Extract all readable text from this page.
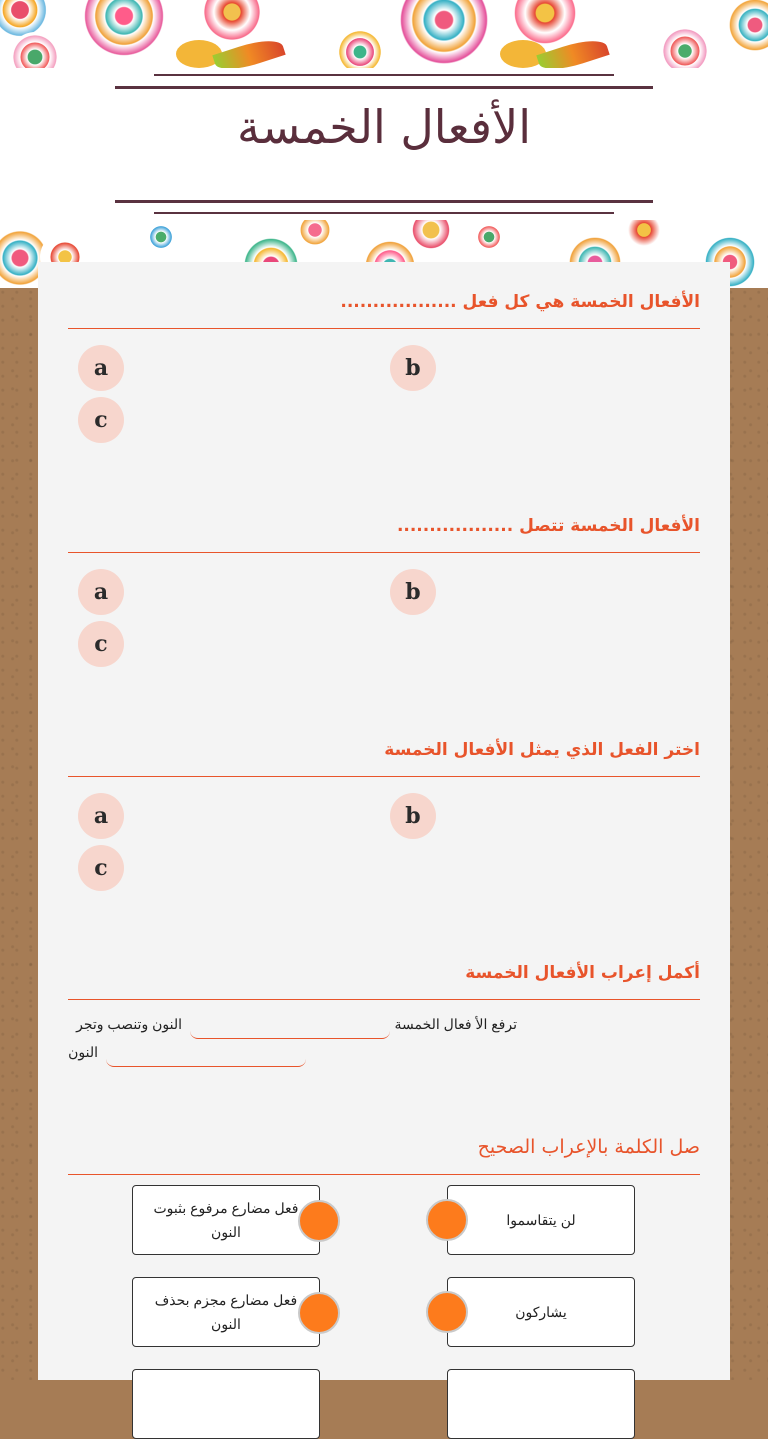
الأفعال الخمسة
الأفعال الخمسة هي كل فعل ..................
a	b
c
الأفعال الخمسة تتصل ..................
a	b
c
اختر الفعل الذي يمثل الأفعال الخمسة
a	b
c
أكمل إعراب الأفعال الخمسة
ترفع الأ فعال الخمسة
النون وتنصب وتجر
النون
صل الكلمة بالإعراب الصحيح
فعل مضارع مرفوع بثبوت النون
لن يتقاسموا
فعل مضارع مجزم بحذف النون
يشاركون
